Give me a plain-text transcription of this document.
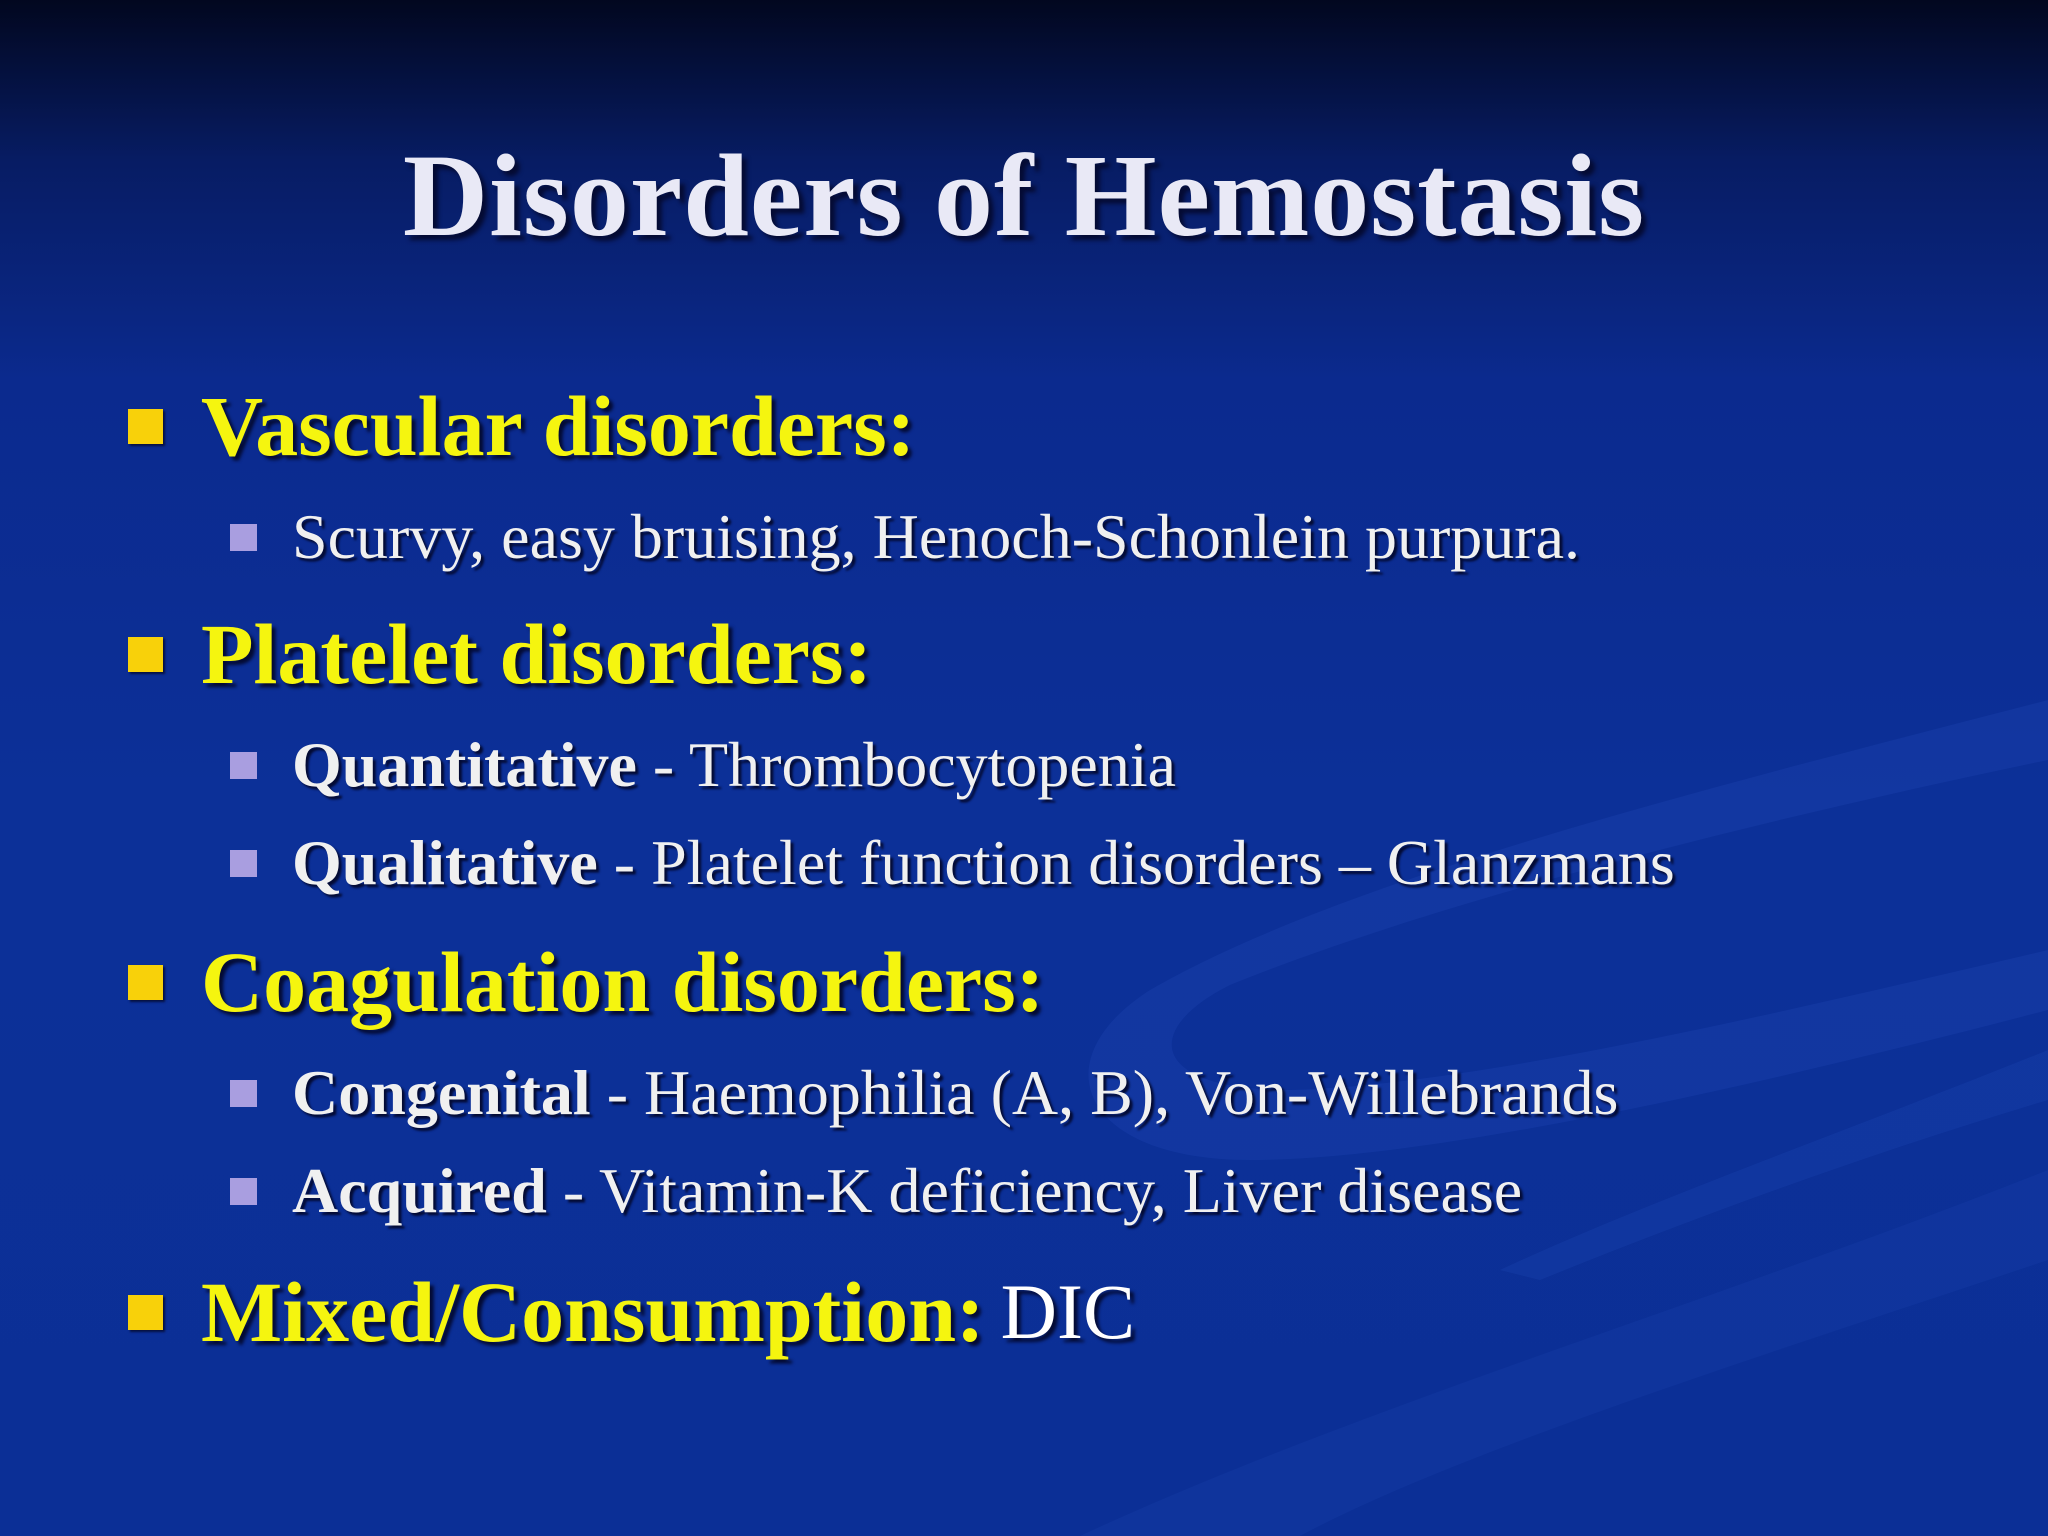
Disorders of Hemostasis
Vascular disorders:
Scurvy, easy bruising, Henoch-Schonlein purpura.
Platelet disorders:
Quantitative - Thrombocytopenia
Qualitative - Platelet function disorders – Glanzmans
Coagulation disorders:
Congenital - Haemophilia (A, B), Von-Willebrands
Acquired - Vitamin-K deficiency, Liver disease
Mixed/Consumption: DIC
